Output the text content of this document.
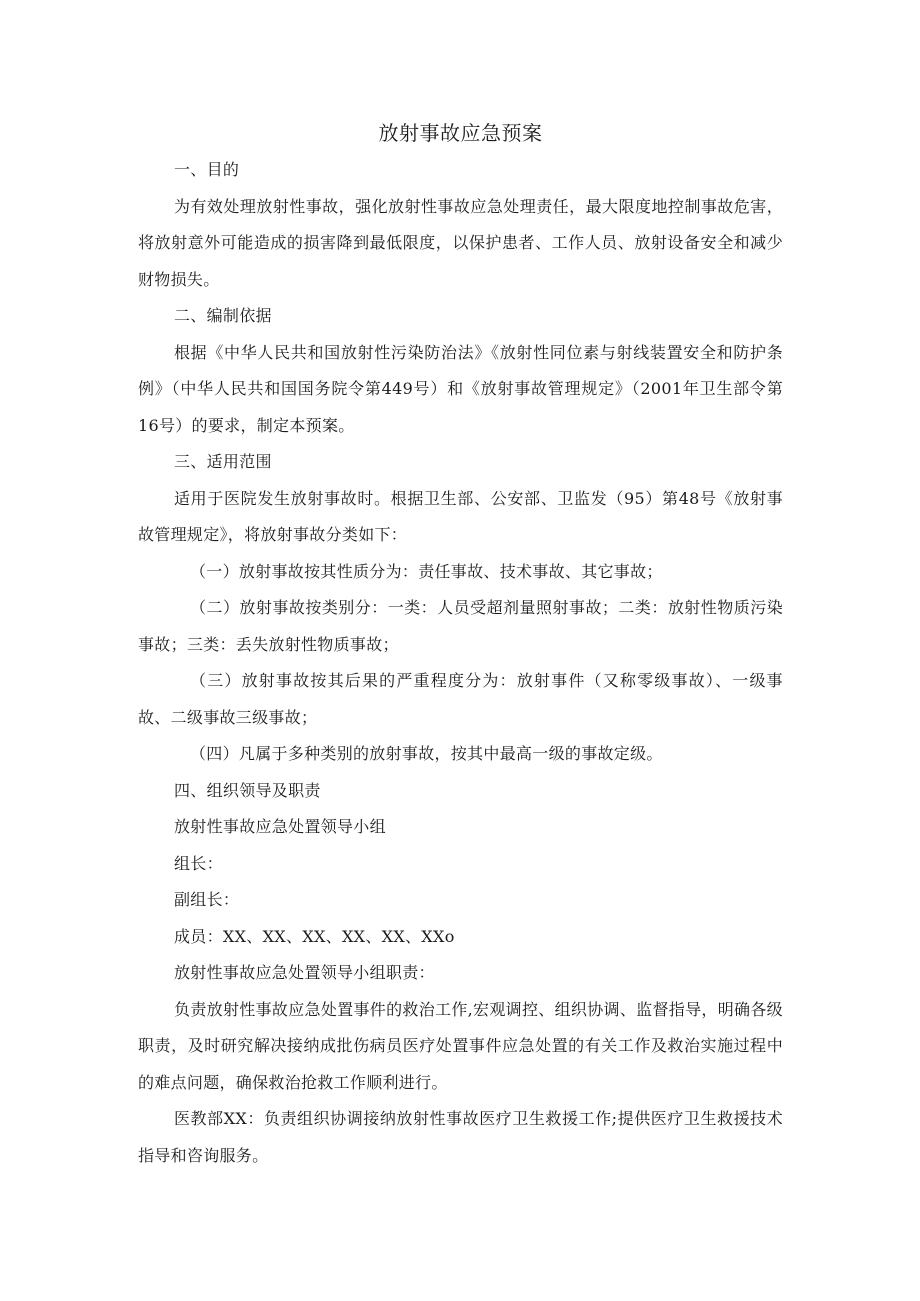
放射事故应急预案

一、目的

为有效处理放射性事故，强化放射性事故应急处理责任，最大限度地控制事故危害，将放射意外可能造成的损害降到最低限度，以保护患者、工作人员、放射设备安全和减少财物损失。

二、编制依据

根据《中华人民共和国放射性污染防治法》《放射性同位素与射线装置安全和防护条例》（中华人民共和国国务院令第449号）和《放射事故管理规定》（2001年卫生部令第16号）的要求，制定本预案。

三、适用范围

适用于医院发生放射事故时。根据卫生部、公安部、卫监发（95）第48号《放射事故管理规定》，将放射事故分类如下：

（一）放射事故按其性质分为：责任事故、技术事故、其它事故；

（二）放射事故按类别分：一类：人员受超剂量照射事故；二类：放射性物质污染事故；三类：丢失放射性物质事故；

（三）放射事故按其后果的严重程度分为：放射事件（又称零级事故）、一级事故、二级事故三级事故；

（四）凡属于多种类别的放射事故，按其中最高一级的事故定级。

四、组织领导及职责

放射性事故应急处置领导小组

组长：

副组长：

成员：XX、XX、XX、XX、XX、XXo

放射性事故应急处置领导小组职责：

负责放射性事故应急处置事件的救治工作,宏观调控、组织协调、监督指导，明确各级职责，及时研究解决接纳成批伤病员医疗处置事件应急处置的有关工作及救治实施过程中的难点问题，确保救治抢救工作顺利进行。

医教部XX：负责组织协调接纳放射性事故医疗卫生救援工作;提供医疗卫生救援技术指导和咨询服务。
